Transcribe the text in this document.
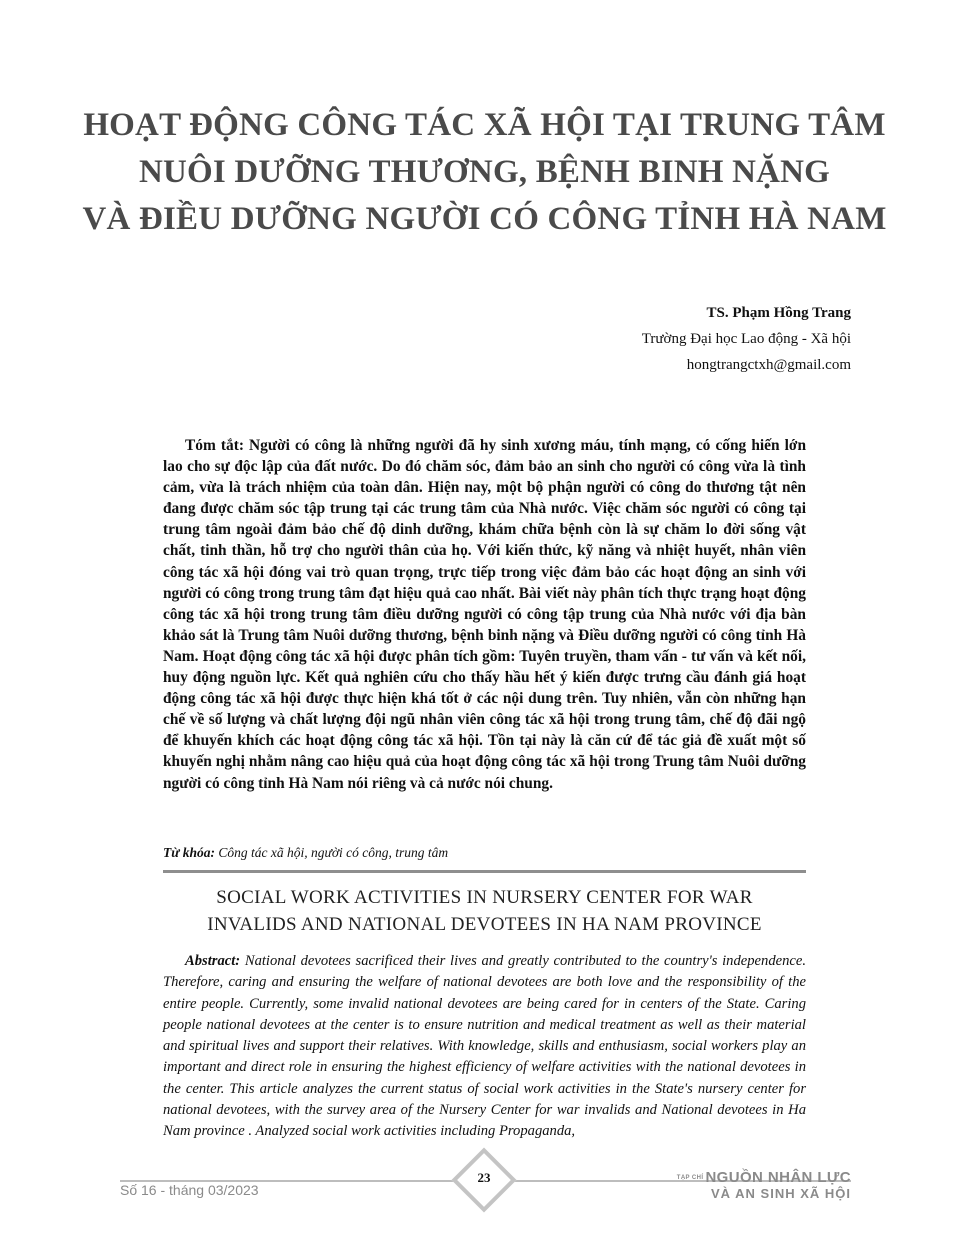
HOẠT ĐỘNG CÔNG TÁC XÃ HỘI TẠI TRUNG TÂM
NUÔI DƯỠNG THƯƠNG, BỆNH BINH NẶNG
VÀ ĐIỀU DƯỠNG NGƯỜI CÓ CÔNG TỈNH HÀ NAM
TS. Phạm Hồng Trang
Trường Đại học Lao động - Xã hội
hongtrangctxh@gmail.com
Tóm tắt: Người có công là những người đã hy sinh xương máu, tính mạng, có cống hiến lớn lao cho sự độc lập của đất nước. Do đó chăm sóc, đảm bảo an sinh cho người có công vừa là tình cảm, vừa là trách nhiệm của toàn dân. Hiện nay, một bộ phận người có công do thương tật nên đang được chăm sóc tập trung tại các trung tâm của Nhà nước. Việc chăm sóc người có công tại trung tâm ngoài đảm bảo chế độ dinh dưỡng, khám chữa bệnh còn là sự chăm lo đời sống vật chất, tinh thần, hỗ trợ cho người thân của họ. Với kiến thức, kỹ năng và nhiệt huyết, nhân viên công tác xã hội đóng vai trò quan trọng, trực tiếp trong việc đảm bảo các hoạt động an sinh với người có công trong trung tâm đạt hiệu quả cao nhất. Bài viết này phân tích thực trạng hoạt động công tác xã hội trong trung tâm điều dưỡng người có công tập trung của Nhà nước với địa bàn khảo sát là Trung tâm Nuôi dưỡng thương, bệnh binh nặng và Điều dưỡng người có công tỉnh Hà Nam. Hoạt động công tác xã hội được phân tích gồm: Tuyên truyền, tham vấn - tư vấn và kết nối, huy động nguồn lực. Kết quả nghiên cứu cho thấy hầu hết ý kiến được trưng cầu đánh giá hoạt động công tác xã hội được thực hiện khá tốt ở các nội dung trên. Tuy nhiên, vẫn còn những hạn chế về số lượng và chất lượng đội ngũ nhân viên công tác xã hội trong trung tâm, chế độ đãi ngộ để khuyến khích các hoạt động công tác xã hội. Tồn tại này là căn cứ để tác giả đề xuất một số khuyến nghị nhằm nâng cao hiệu quả của hoạt động công tác xã hội trong Trung tâm Nuôi dưỡng người có công tỉnh Hà Nam nói riêng và cả nước nói chung.
Từ khóa: Công tác xã hội, người có công, trung tâm
SOCIAL WORK ACTIVITIES IN NURSERY CENTER FOR WAR
INVALIDS AND NATIONAL DEVOTEES IN HA NAM PROVINCE
Abstract: National devotees sacrificed their lives and greatly contributed to the country's independence. Therefore, caring and ensuring the welfare of national devotees are both love and the responsibility of the entire people. Currently, some invalid national devotees are being cared for in centers of the State. Caring people national devotees at the center is to ensure nutrition and medical treatment as well as their material and spiritual lives and support their relatives. With knowledge, skills and enthusiasm, social workers play an important and direct role in ensuring the highest efficiency of welfare activities with the national devotees in the center. This article analyzes the current status of social work activities in the State's nursery center for national devotees, with the survey area of the Nursery Center for war invalids and National devotees in Ha Nam province . Analyzed social work activities including Propaganda,
Số 16 - tháng 03/2023
23	$^{TẠP CHÍ}$ NGUỒN NHÂN LỰC
VÀ AN SINH XÃ HỘI
